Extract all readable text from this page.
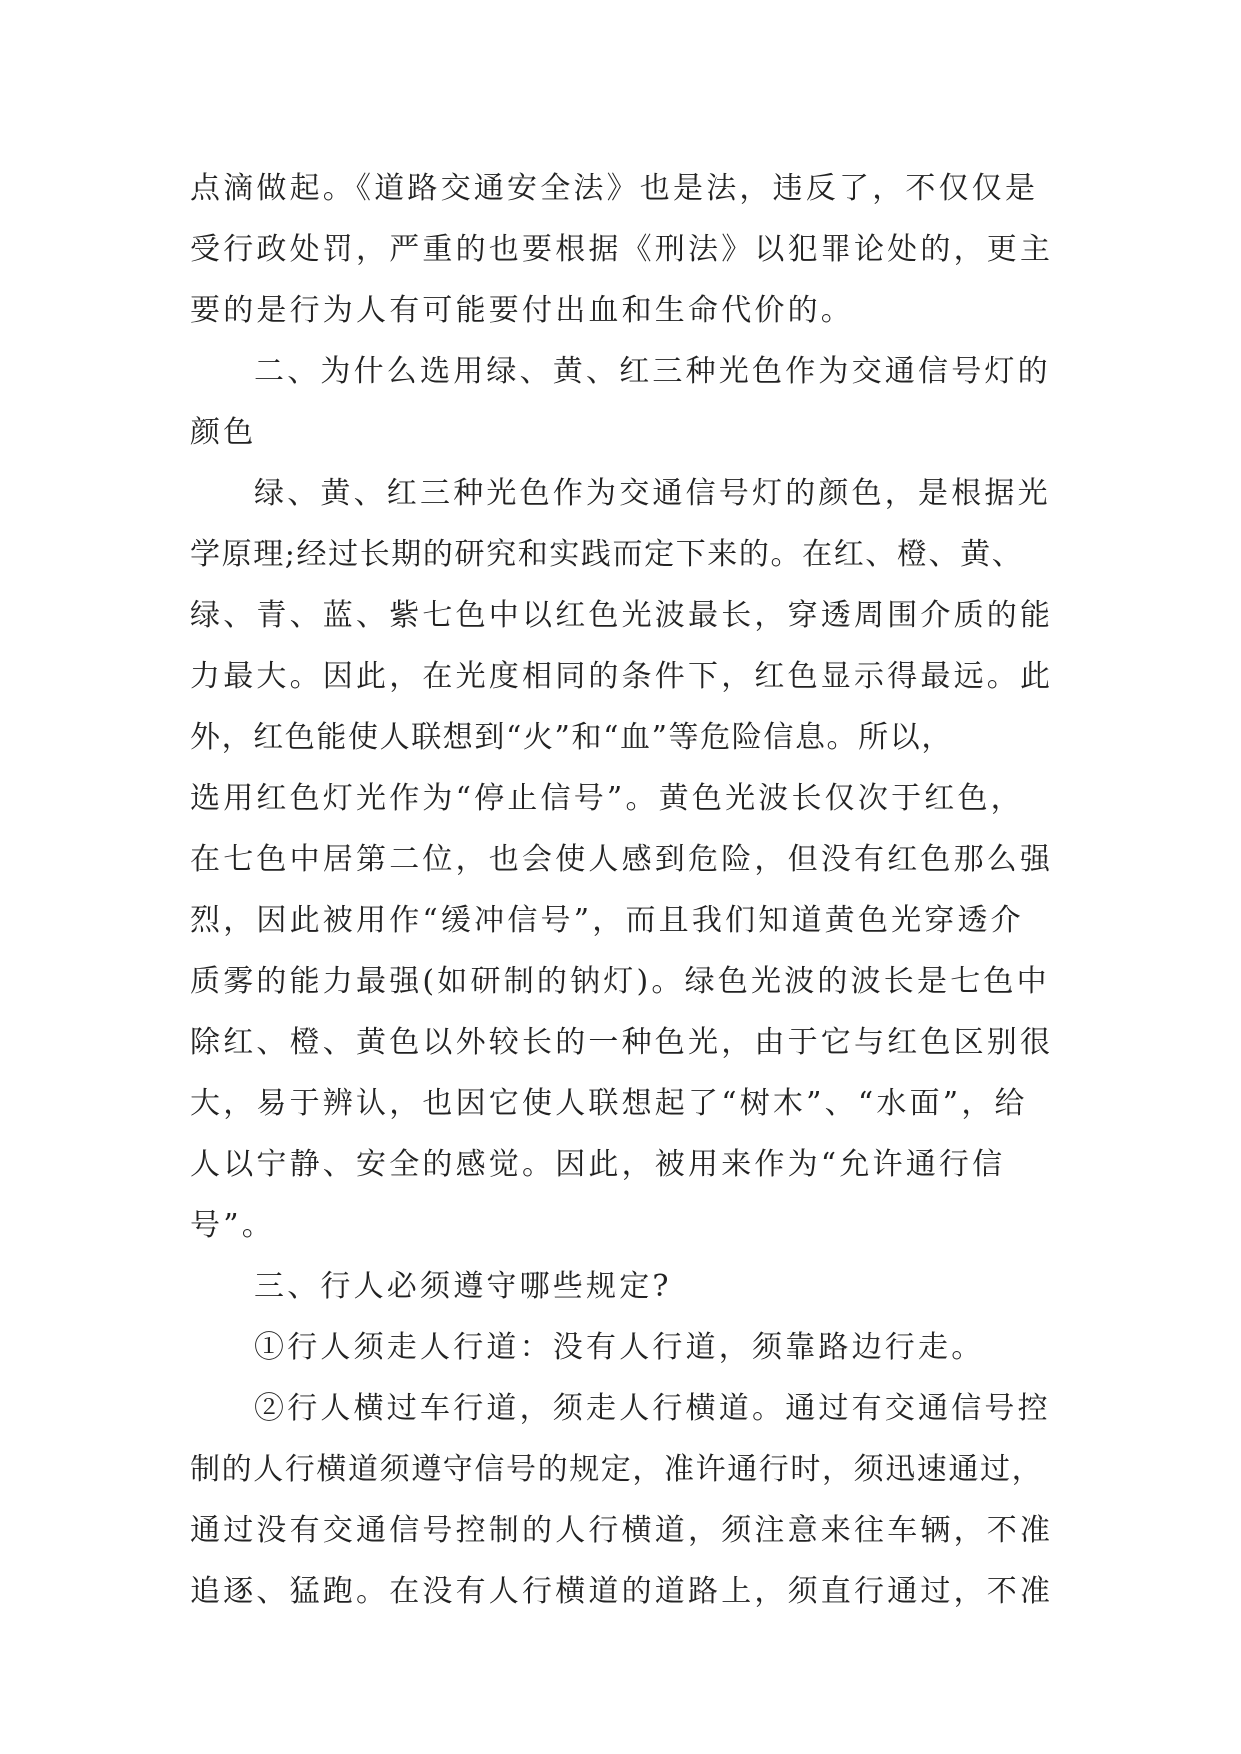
点滴做起。《道路交通安全法》也是法，违反了，不仅仅是
受行政处罚，严重的也要根据《刑法》以犯罪论处的，更主
要的是行为人有可能要付出血和生命代价的。
二、为什么选用绿、黄、红三种光色作为交通信号灯的
颜色
绿、黄、红三种光色作为交通信号灯的颜色，是根据光
学原理;经过长期的研究和实践而定下来的。在红、橙、黄、
绿、青、蓝、紫七色中以红色光波最长，穿透周围介质的能
力最大。因此，在光度相同的条件下，红色显示得最远。此
外，红色能使人联想到“火”和“血”等危险信息。所以，
选用红色灯光作为“停止信号”。黄色光波长仅次于红色，
在七色中居第二位，也会使人感到危险，但没有红色那么强
烈，因此被用作“缓冲信号”，而且我们知道黄色光穿透介
质雾的能力最强(如研制的钠灯)。绿色光波的波长是七色中
除红、橙、黄色以外较长的一种色光，由于它与红色区别很
大，易于辨认，也因它使人联想起了“树木”、“水面”，给
人以宁静、安全的感觉。因此，被用来作为“允许通行信
号”。
三、行人必须遵守哪些规定?
①行人须走人行道：没有人行道，须靠路边行走。
②行人横过车行道，须走人行横道。通过有交通信号控
制的人行横道须遵守信号的规定，准许通行时，须迅速通过，
通过没有交通信号控制的人行横道，须注意来往车辆，不准
追逐、猛跑。在没有人行横道的道路上，须直行通过，不准
